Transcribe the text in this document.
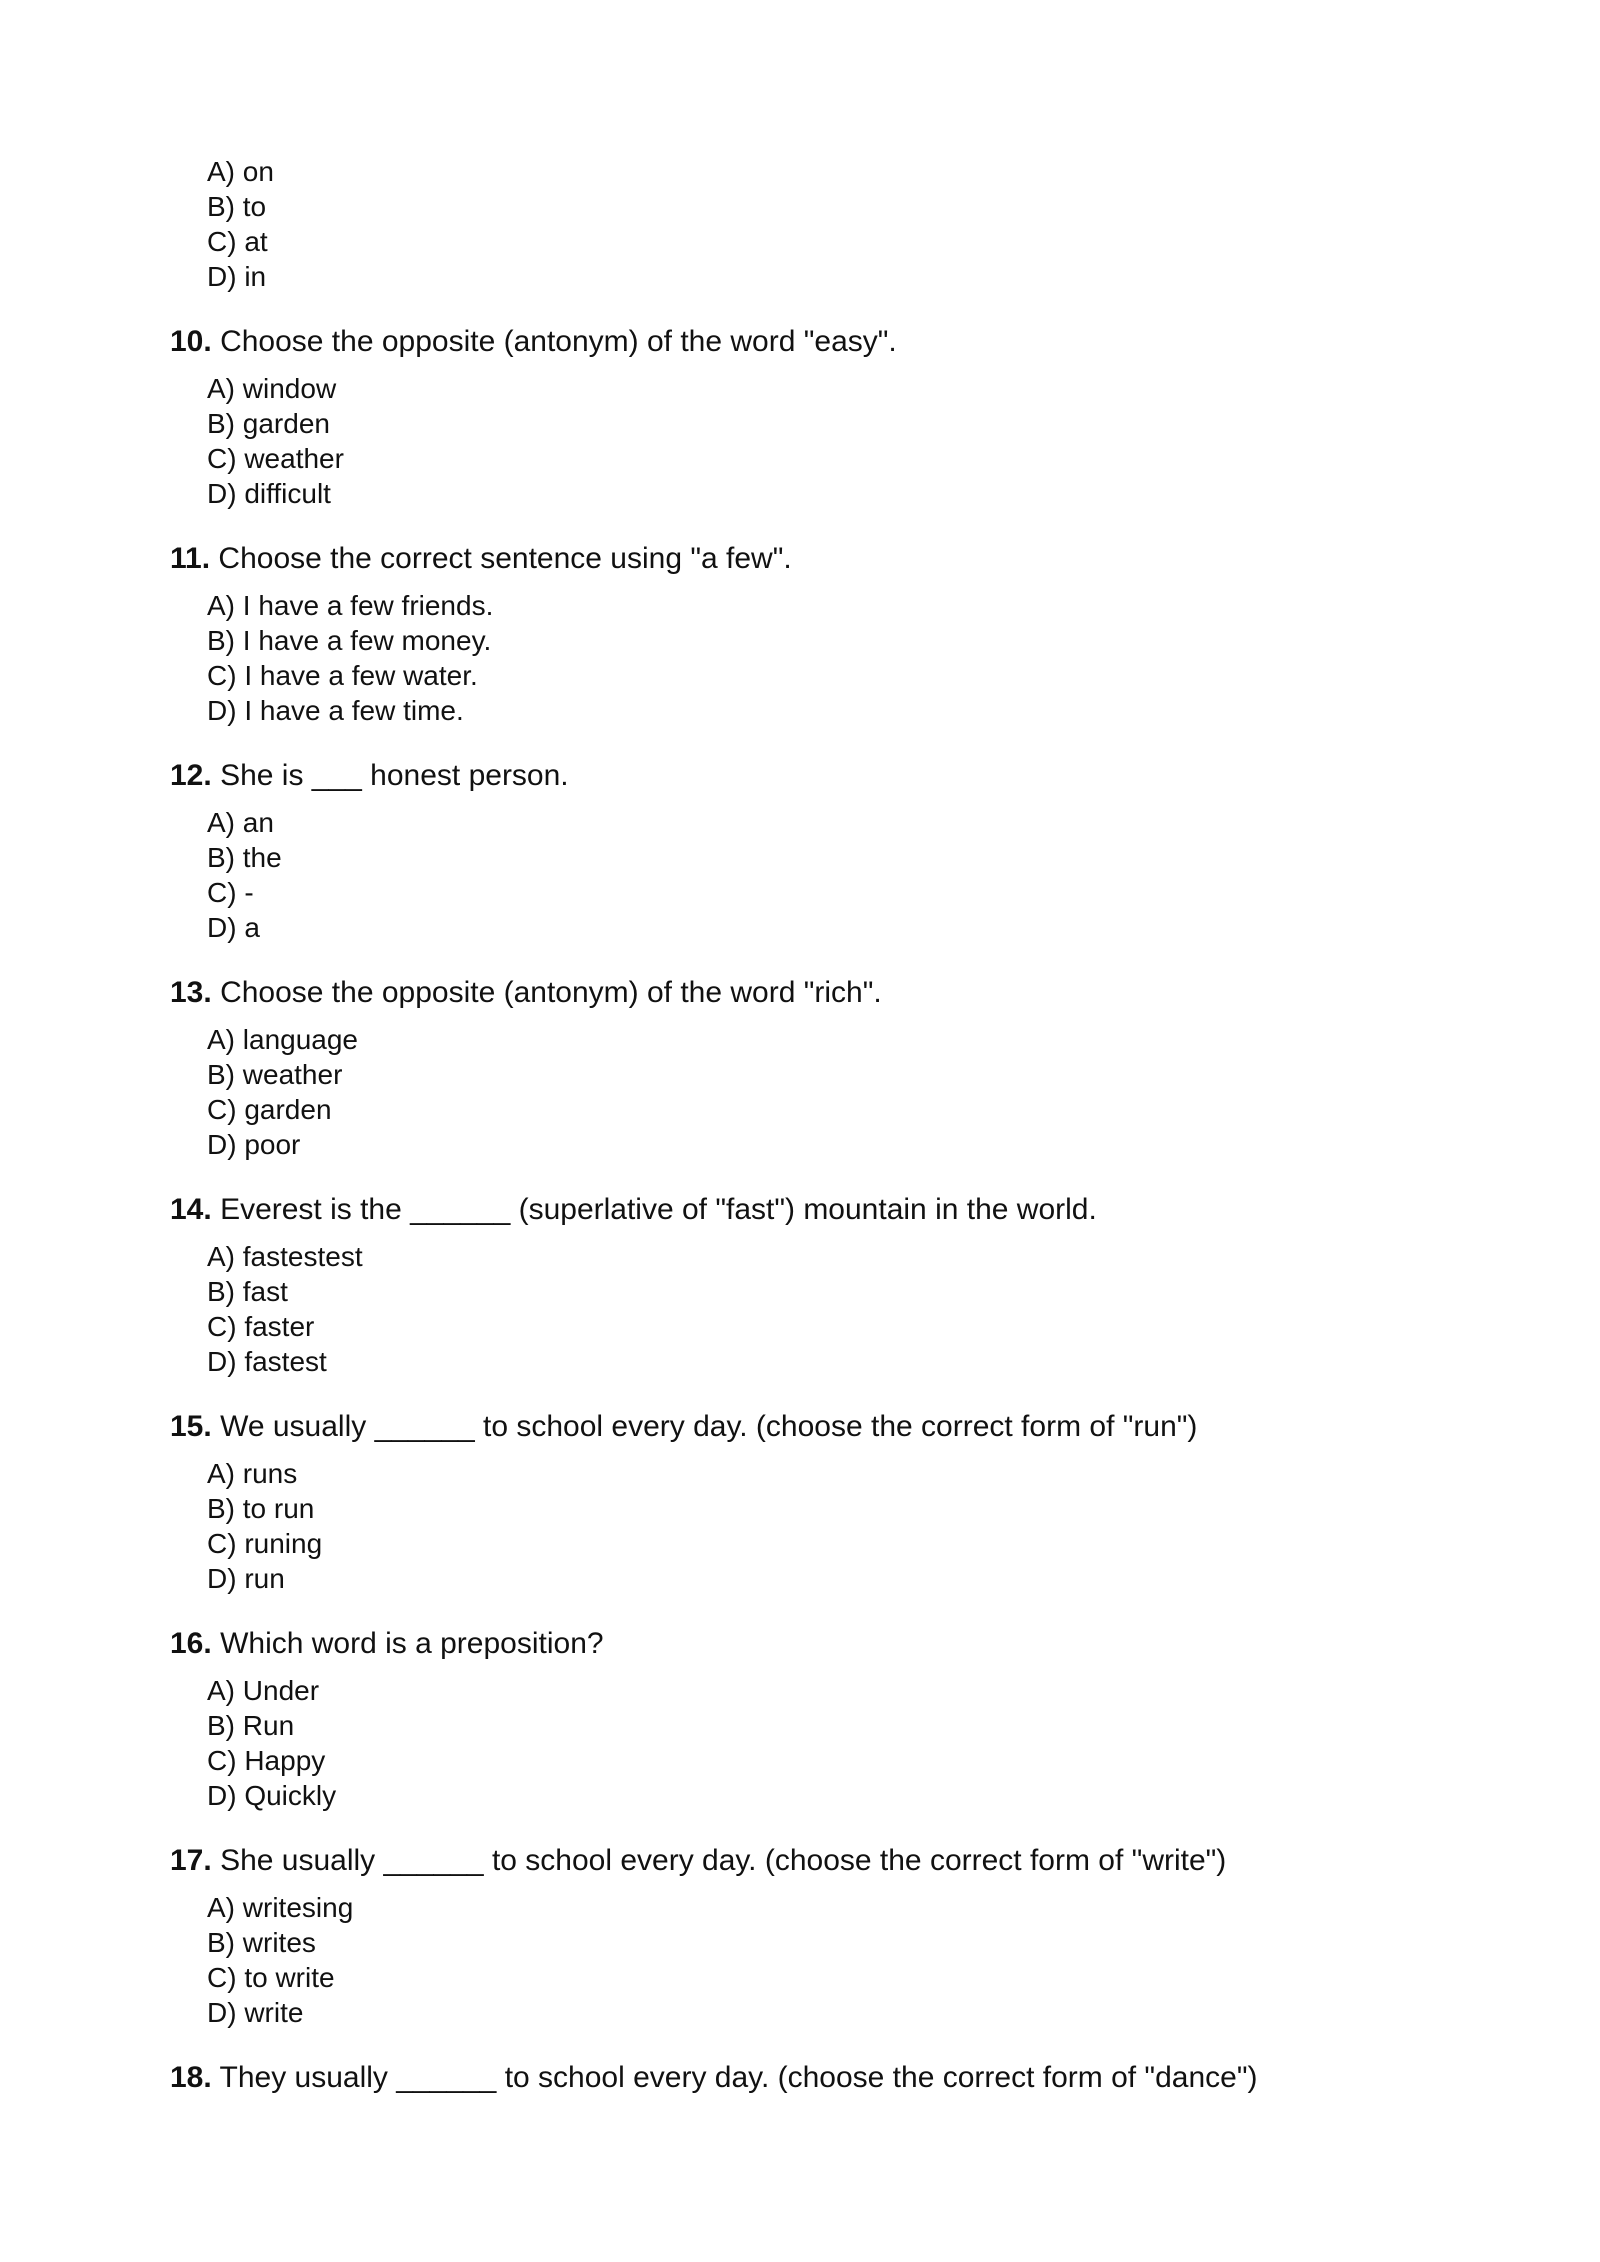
A) on
B) to
C) at
D) in
10. Choose the opposite (antonym) of the word "easy".
A) window
B) garden
C) weather
D) difficult
11. Choose the correct sentence using "a few".
A) I have a few friends.
B) I have a few money.
C) I have a few water.
D) I have a few time.
12. She is ___ honest person.
A) an
B) the
C) -
D) a
13. Choose the opposite (antonym) of the word "rich".
A) language
B) weather
C) garden
D) poor
14. Everest is the ______ (superlative of "fast") mountain in the world.
A) fastestest
B) fast
C) faster
D) fastest
15. We usually ______ to school every day. (choose the correct form of "run")
A) runs
B) to run
C) runing
D) run
16. Which word is a preposition?
A) Under
B) Run
C) Happy
D) Quickly
17. She usually ______ to school every day. (choose the correct form of "write")
A) writesing
B) writes
C) to write
D) write
18. They usually ______ to school every day. (choose the correct form of "dance")
